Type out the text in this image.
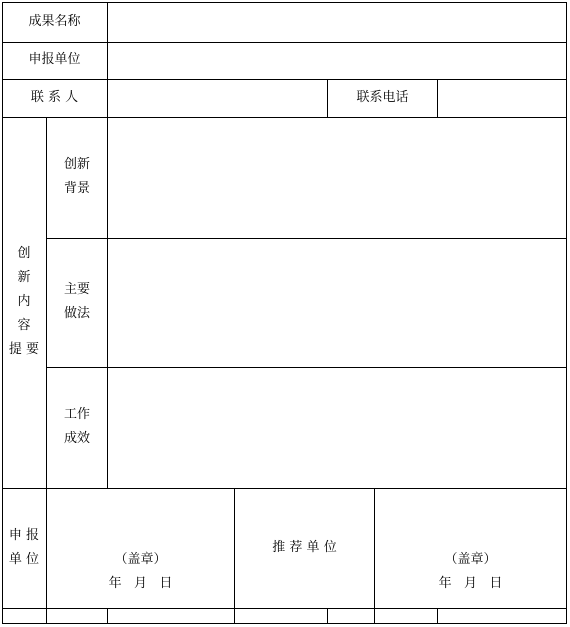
成果名称
申报单位
联 系 人	联系电话
创
新
内
容
提 要
创新
背景
主要
做法
工作
成效
申 报
单 位	（盖章）
年   月   日
推 荐 单 位
（盖章）
年   月   日
